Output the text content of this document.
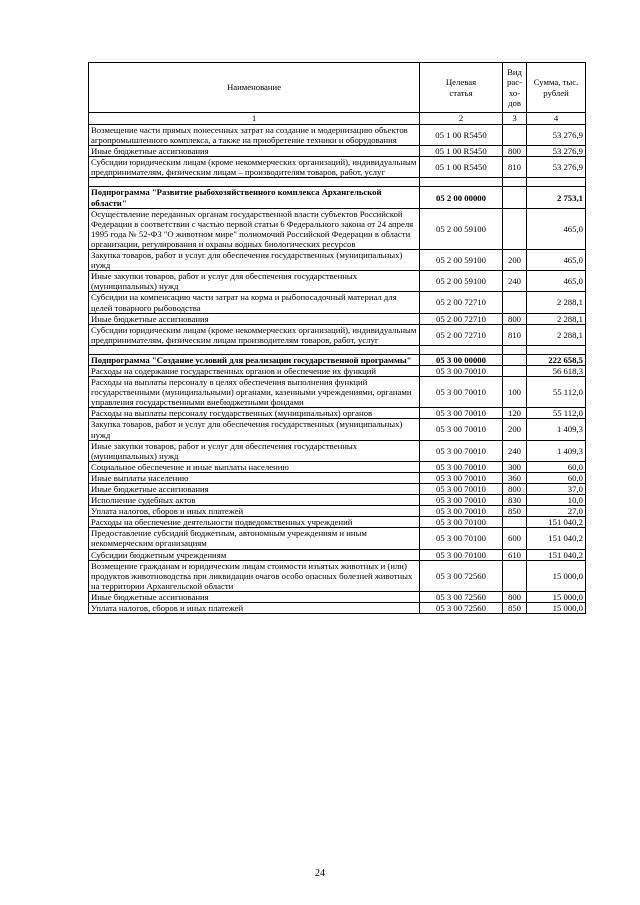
Наименование	Целевая статья	Вид рас-хо-дов	Сумма, тыс. рублей
1	2	3	4
Возмещение части прямых понесенных затрат на создание и модернизацию объектов агропромышленного комплекса, а также на приобретение техники и оборудования	05 1 00 R5450		53 276,9
Иные бюджетные ассигнования	05 1 00 R5450	800	53 276,9
Субсидии юридическим лицам (кроме некоммерческих организаций), индивидуальным предпринимателям, физическим лицам – производителям товаров, работ, услуг	05 1 00 R5450	810	53 276,9

Подпрограмма "Развитие рыбохозяйственного комплекса Архангельской области"	05 2 00 00000		2 753,1
Осуществление переданных органам государственной власти субъектов Российской Федерации в соответствии с частью первой статьи 6 Федерального закона от 24 апреля 1995 года № 52-ФЗ "О животном мире" полномочий Российской Федерации в области организации, регулирования и охраны водных биологических ресурсов	05 2 00 59100		465,0
Закупка товаров, работ и услуг для обеспечения государственных (муниципальных) нужд	05 2 00 59100	200	465,0
Иные закупки товаров, работ и услуг для обеспечения государственных (муниципальных) нужд	05 2 00 59100	240	465,0
Субсидии на компенсацию части затрат на корма и рыбопосадочный материал для целей товарного рыбоводства	05 2 00 72710		2 288,1
Иные бюджетные ассигнования	05 2 00 72710	800	2 288,1
Субсидии юридическим лицам (кроме некоммерческих организаций), индивидуальным предпринимателям, физическим лицам производителям товаров, работ, услуг	05 2 00 72710	810	2 288,1

Подпрограмма "Создание условий для реализации государственной программы"	05 3 00 00000		222 658,5
Расходы на содержание государственных органов и обеспечение их функций	05 3 00 70010		56 618,3
Расходы на выплаты персоналу в целях обеспечения выполнения функций государственными (муниципальными) органами, казенными учреждениями, органами управления государственными внебюджетными фондами	05 3 00 70010	100	55 112,0
Расходы на выплаты персоналу государственных (муниципальных) органов	05 3 00 70010	120	55 112,0
Закупка товаров, работ и услуг для обеспечения государственных (муниципальных) нужд	05 3 00 70010	200	1 409,3
Иные закупки товаров, работ и услуг для обеспечения государственных (муниципальных) нужд	05 3 00 70010	240	1 409,3
Социальное обеспечение и иные выплаты населению	05 3 00 70010	300	60,0
Иные выплаты населению	05 3 00 70010	360	60,0
Иные бюджетные ассигнования	05 3 00 70010	800	37,0
Исполнение судебных актов	05 3 00 70010	830	10,0
Уплата налогов, сборов и иных платежей	05 3 00 70010	850	27,0
Расходы на обеспечение деятельности подведомственных учреждений	05 3 00 70100		151 040,2
Предоставление субсидий бюджетным, автономным учреждениям и иным некоммерческим организациям	05 3 00 70100	600	151 040,2
Субсидии бюджетным учреждениям	05 3 00 70100	610	151 040,2
Возмещение гражданам и юридическим лицам стоимости изъятых животных и (или) продуктов животноводства при ликвидации очагов особо опасных болезней животных на территории Архангельской области	05 3 00 72560		15 000,0
Иные бюджетные ассигнования	05 3 00 72560	800	15 000,0
Уплата налогов, сборов и иных платежей	05 3 00 72560	850	15 000,0
24
